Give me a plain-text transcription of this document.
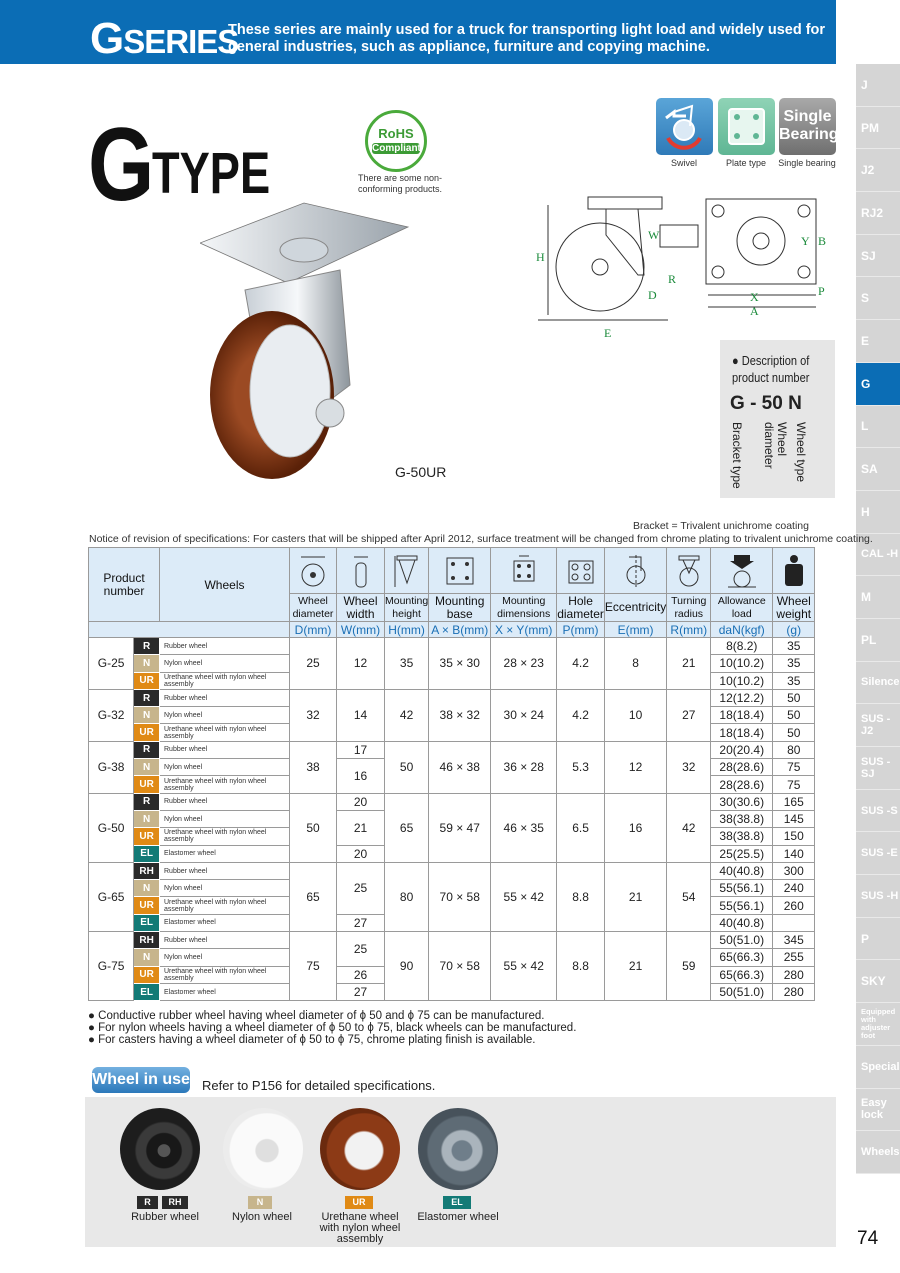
GSERIES
These series are mainly used for a truck for transporting light load and widely used for general industries, such as appliance, furniture and copying machine.
J
PM
J2
RJ2
SJ
S
E
G
L
SA
H
CAL -H
M
PL
Silence
SUS -J2
SUS -SJ
SUS -S
SUS -E
SUS -H
P
SKY
Equipped with adjuster foot
Special
Easy lock
Wheels
74
G TYPE
RoHS
Compliant
There are some non-conforming products.
Single Bearing
Swivel	Plate type	Single bearing
G-50UR
H
W
R
D
E
Y B
X
A
P
● Description of product number
G - 50 N
Bracket type	Wheel diameter	Wheel type
Bracket = Trivalent unichrome coating
Notice of revision of specifications: For casters that will be shipped after April 2012, surface treatment will be changed from chrome plating to trivalent unichrome coating.
Product number		Wheels	

			Wheel diameter	Wheel width	Mounting height	Mounting base	Mounting dimensions	Hole diameter	Eccentricity	Turning radius	Allowance load	Wheel weight
			D(mm)	W(mm)	H(mm)	A × B(mm)	X × Y(mm)	P(mm)	E(mm)	R(mm)	daN(kgf)	(g)
G-25	R	Rubber wheel	25	12	35	35 × 30	28 × 23	4.2	8	21	8(8.2)	35
	N	Nylon wheel									10(10.2)	35
	UR	Urethane wheel with nylon wheel assembly									10(10.2)	35
G-32	R	Rubber wheel	32	14	42	38 × 32	30 × 24	4.2	10	27	12(12.2)	50
	N	Nylon wheel									18(18.4)	50
	UR	Urethane wheel with nylon wheel assembly									18(18.4)	50
G-38	R	Rubber wheel	38	17	50	46 × 38	36 × 28	5.3	12	32	20(20.4)	80
	N	Nylon wheel		16							28(28.6)	75
	UR	Urethane wheel with nylon wheel assembly									28(28.6)	75
G-50	R	Rubber wheel	50	20	65	59 × 47	46 × 35	6.5	16	42	30(30.6)	165
	N	Nylon wheel		21							38(38.8)	145
	UR	Urethane wheel with nylon wheel assembly									38(38.8)	150
	EL	Elastomer wheel		20							25(25.5)	140
G-65	RH	Rubber wheel	65	25	80	70 × 58	55 × 42	8.8	21	54	40(40.8)	300
	N	Nylon wheel									55(56.1)	240
	UR	Urethane wheel with nylon wheel assembly									55(56.1)	260
	EL	Elastomer wheel		27							40(40.8)	
G-75	RH	Rubber wheel	75	25	90	70 × 58	55 × 42	8.8	21	59	50(51.0)	345
	N	Nylon wheel									65(66.3)	255
	UR	Urethane wheel with nylon wheel assembly		26							65(66.3)	280
	EL	Elastomer wheel		27							50(51.0)	280
● Conductive rubber wheel having wheel diameter of ϕ 50 and ϕ 75 can be manufactured.
● For nylon wheels having a wheel diameter of ϕ 50 to ϕ 75, black wheels can be manufactured.
● For casters having a wheel diameter of ϕ 50 to ϕ 75, chrome plating finish is available.
Wheel in use Refer to P156 for detailed specifications.
R	RH	N	UR	EL
Rubber wheel	Nylon wheel	Urethane wheel with nylon wheel assembly
Elastomer wheel
